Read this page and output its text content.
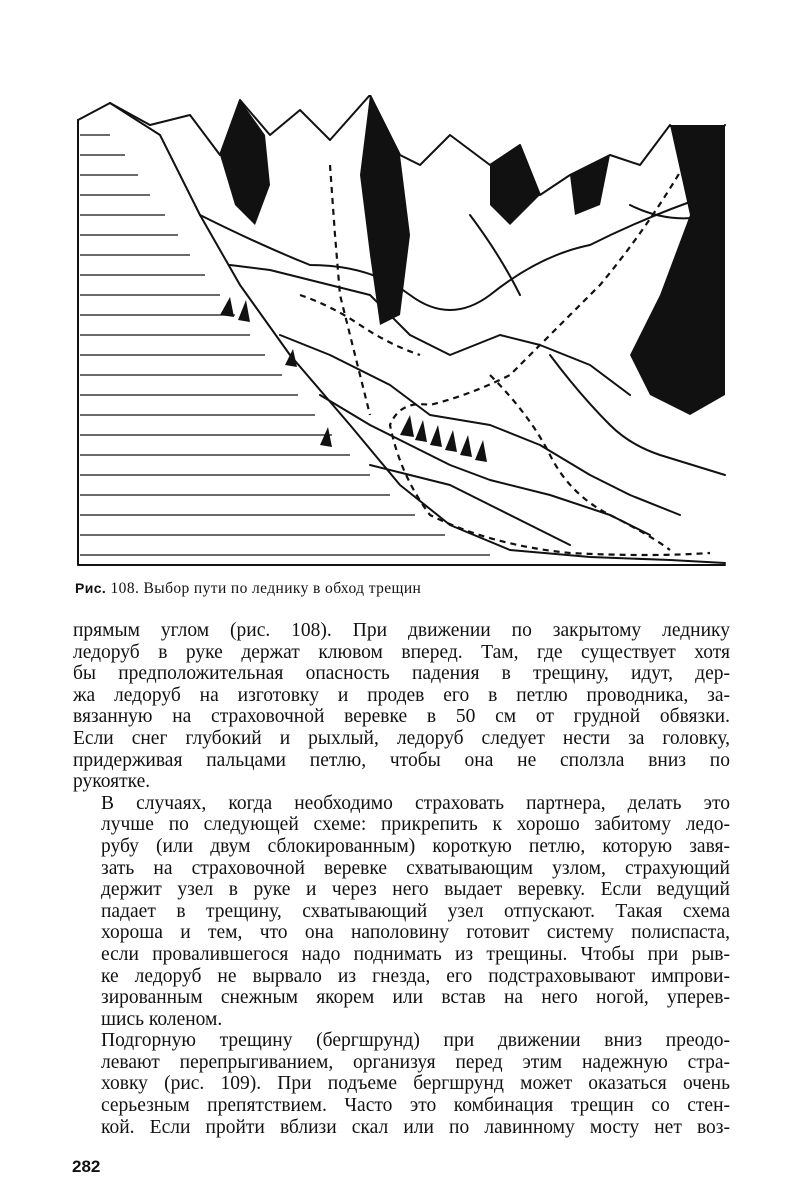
Рис. 108. Выбор пути по леднику в обход трещин

прямым углом (рис. 108). При движении по закрытому леднику
ледоруб в руке держат клювом вперед. Там, где существует хотя
бы предположительная опасность падения в трещину, идут, дер-
жа ледоруб на изготовку и продев его в петлю проводника, за-
вязанную на страховочной веревке в 50 см от грудной обвязки.
Если снег глубокий и рыхлый, ледоруб следует нести за головку,
придерживая пальцами петлю, чтобы она не сползла вниз по
рукоятке.

В случаях, когда необходимо страховать партнера, делать это
лучше по следующей схеме: прикрепить к хорошо забитому ледо-
рубу (или двум сблокированным) короткую петлю, которую завя-
зать на страховочной веревке схватывающим узлом, страхующий
держит узел в руке и через него выдает веревку. Если ведущий
падает в трещину, схватывающий узел отпускают. Такая схема
хороша и тем, что она наполовину готовит систему полиспаста,
если провалившегося надо поднимать из трещины. Чтобы при рыв-
ке ледоруб не вырвало из гнезда, его подстраховывают импрови-
зированным снежным якорем или встав на него ногой, уперев-
шись коленом.

Подгорную трещину (бергшрунд) при движении вниз преодо-
левают перепрыгиванием, организуя перед этим надежную стра-
ховку (рис. 109). При подъеме бергшрунд может оказаться очень
серьезным препятствием. Часто это комбинация трещин со стен-
кой. Если пройти вблизи скал или по лавинному мосту нет воз-

282
